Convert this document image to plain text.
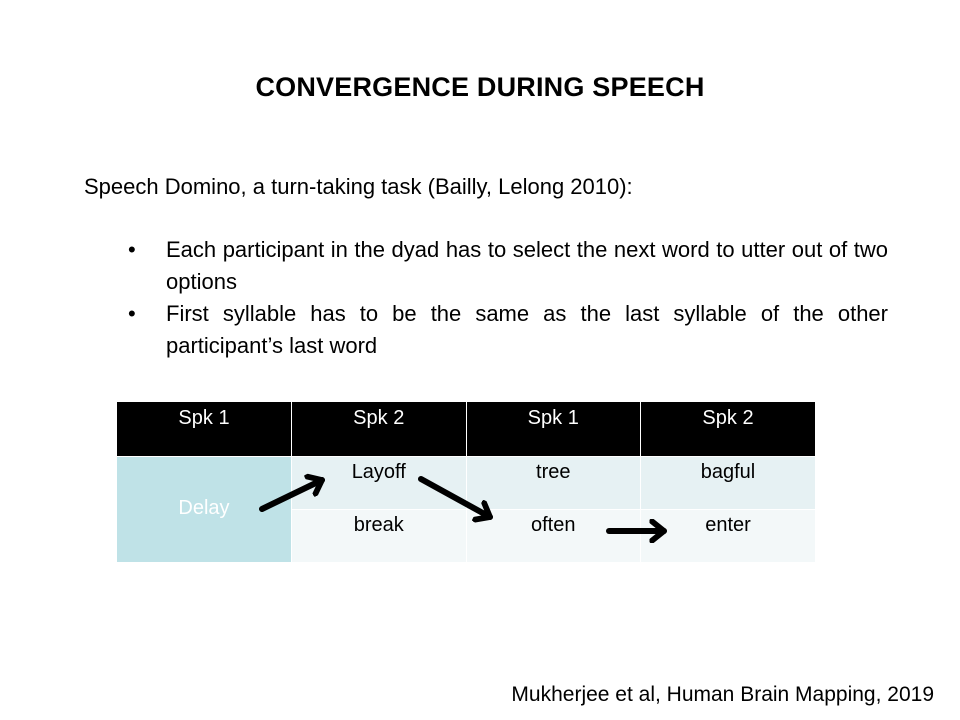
CONVERGENCE DURING SPEECH
Speech Domino, a turn-taking task (Bailly, Lelong 2010):
• Each participant in the dyad has to select the next word to utter out of two options
• First syllable has to be the same as the last syllable of the other participant’s last word
Spk 1	Spk 2	Spk 1	Spk 2
Delay	Layoff	tree	bagful
	break	often	enter
Mukherjee et al, Human Brain Mapping, 2019
